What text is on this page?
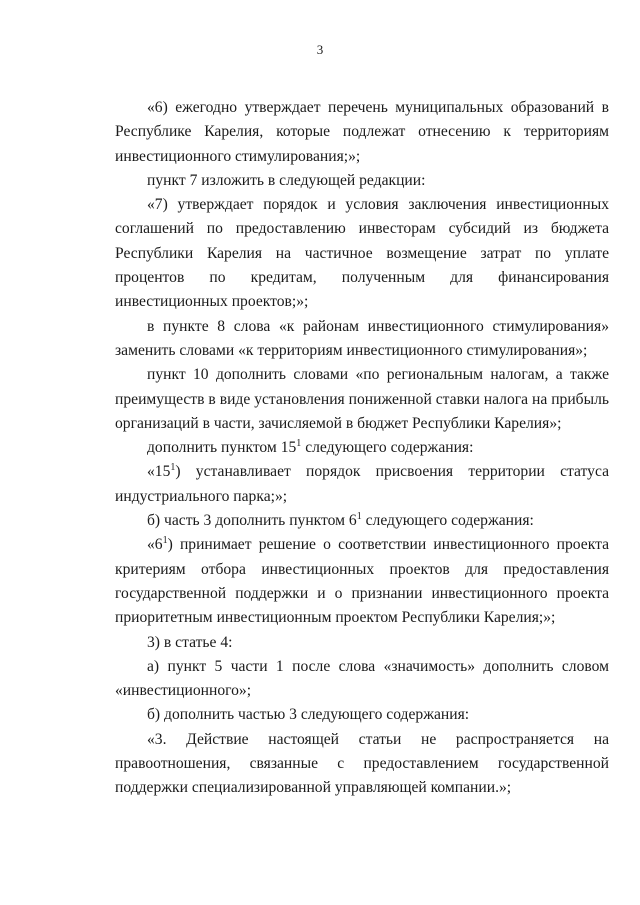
3

«6) ежегодно утверждает перечень муниципальных образований в Республике Карелия, которые подлежат отнесению к территориям инвестиционного стимулирования;»;

пункт 7 изложить в следующей редакции:

«7) утверждает порядок и условия заключения инвестиционных соглашений по предоставлению инвесторам субсидий из бюджета Республики Карелия на частичное возмещение затрат по уплате процентов по кредитам, полученным для финансирования инвестиционных проектов;»;

в пункте 8 слова «к районам инвестиционного стимулирования» заменить словами «к территориям инвестиционного стимулирования»;

пункт 10 дополнить словами «по региональным налогам, а также преимуществ в виде установления пониженной ставки налога на прибыль организаций в части, зачисляемой в бюджет Республики Карелия»;

дополнить пунктом $15^1$ следующего содержания:

«$15^1$) устанавливает порядок присвоения территории статуса индустриального парка;»;

б) часть 3 дополнить пунктом $6^1$ следующего содержания:

«$6^1$) принимает решение о соответствии инвестиционного проекта критериям отбора инвестиционных проектов для предоставления государственной поддержки и о признании инвестиционного проекта приоритетным инвестиционным проектом Республики Карелия;»;

3) в статье 4:

а) пункт 5 части 1 после слова «значимость» дополнить словом «инвестиционного»;

б) дополнить частью 3 следующего содержания:

«3. Действие настоящей статьи не распространяется на правоотношения, связанные с предоставлением государственной поддержки специализированной управляющей компании.»;
